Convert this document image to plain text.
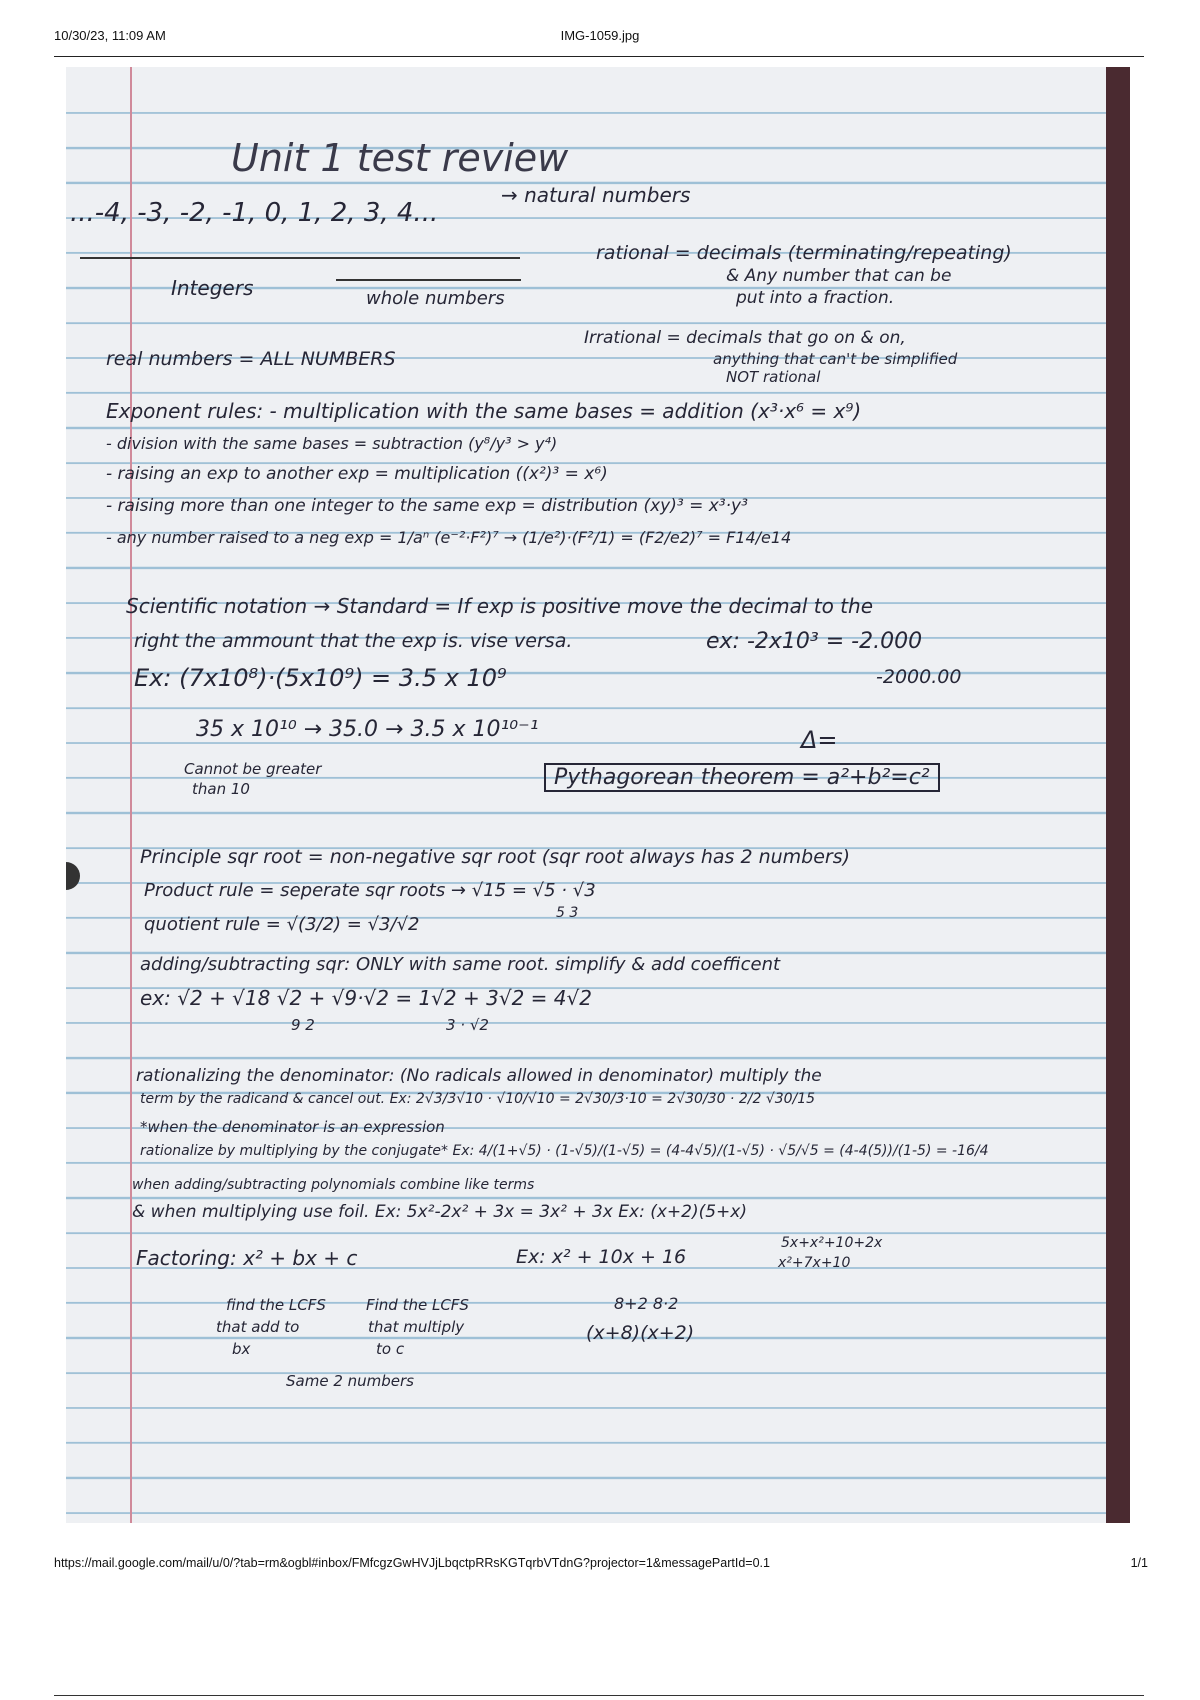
10/30/23, 11:09 AM	IMG-1059.jpg
Unit 1 test review
...-4, -3, -2, -1, 0, 1, 2, 3, 4...
→ natural numbers
Integers	whole numbers
rational = decimals (terminating/repeating)
& Any number that can be
put into a fraction.
real numbers = ALL NUMBERS
Irrational = decimals that go on & on,
anything that can't be simplified
NOT rational
Exponent rules: - multiplication with the same bases = addition (x³·x⁶ = x⁹)
- division with the same bases = subtraction (y⁸/y³ > y⁴)
- raising an exp to another exp = multiplication ((x²)³ = x⁶)
- raising more than one integer to the same exp = distribution (xy)³ = x³·y³
- any number raised to a neg exp = 1/aⁿ (e⁻²·F²)⁷ → (1/e²)·(F²/1) = (F2/e2)⁷ = F14/e14
Scientific notation → Standard = If exp is positive move the decimal to the
right the ammount that the exp is. vise versa.	ex: -2x10³ = -2.000
-2000.00
Ex: (7x10⁸)·(5x10⁹) = 3.5 x 10⁹
35 x 10¹⁰ → 35.0 → 3.5 x 10¹⁰⁻¹
Cannot be greater
than 10
Δ=
Pythagorean theorem = a²+b²=c²
Principle sqr root = non-negative sqr root (sqr root always has 2 numbers)
Product rule = seperate sqr roots → √15 = √5 · √3
5 3
quotient rule = √(3/2) = √3/√2
adding/subtracting sqr: ONLY with same root. simplify & add coefficent
ex: √2 + √18 √2 + √9·√2 = 1√2 + 3√2 = 4√2
9 2	3 · √2
rationalizing the denominator: (No radicals allowed in denominator) multiply the
term by the radicand & cancel out. Ex: 2√3/3√10 · √10/√10 = 2√30/3·10 = 2√30/30 · 2/2 √30/15
*when the denominator is an expression
rationalize by multiplying by the conjugate* Ex: 4/(1+√5) · (1-√5)/(1-√5) = (4-4√5)/(1-√5) · √5/√5 = (4-4(5))/(1-5) = -16/4
when adding/subtracting polynomials combine like terms
& when multiplying use foil. Ex: 5x²-2x² + 3x = 3x² + 3x Ex: (x+2)(5+x)
5x+x²+10+2x
x²+7x+10
Factoring: x² + bx + c	Ex: x² + 10x + 16
8+2 8·2
(x+8)(x+2)
find the LCFS
that add to
bx
Find the LCFS
that multiply
to c
Same 2 numbers
https://mail.google.com/mail/u/0/?tab=rm&ogbl#inbox/FMfcgzGwHVJjLbqctpRRsKGTqrbVTdnG?projector=1&messagePartId=0.1	1/1
